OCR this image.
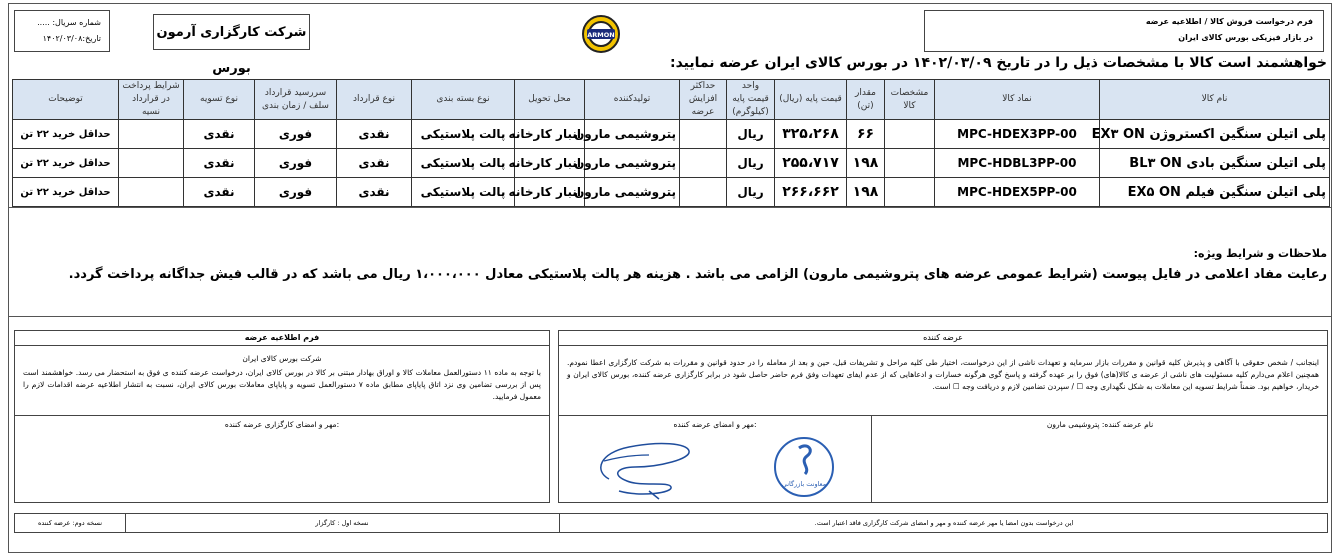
فرم درخواست فروش کالا / اطلاعیه عرضه
در بازار فیزیکی بورس کالای ایران
ARMON
شرکت کارگزاری آرمون بورس
شماره سریال: .....
تاریخ:۱۴۰۲/۰۳/۰۸
خواهشمند است کالا با مشخصات ذیل را در تاریخ ۱۴۰۲/۰۳/۰۹ در بورس کالای ایران عرضه نمایید:
نام کالا	نماد کالا	مشخصات کالا	مقدار (تن)	قیمت پایه (ریال)	واحد قیمت پایه (کیلوگرم)	حداکثر افزایش عرضه	تولیدکننده	محل تحویل	نوع بسته بندی	نوع قرارداد	سررسید قرارداد سلف / زمان بندی	نوع تسویه	شرایط پرداخت در قرارداد نسیه	توضیحات
پلی اتیلن سنگین اکستروژن EX۳ ON	MPC-HDEX3PP-00		۶۶	۳۲۵،۲۶۸	ریال		پتروشیمی مارون	انبار کارخانه	پالت پلاستیکی	نقدی	فوری	نقدی		حداقل خرید ۲۲ تن
پلی اتیلن سنگین بادی BL۳ ON	MPC-HDBL3PP-00		۱۹۸	۲۵۵،۷۱۷	ریال		پتروشیمی مارون	انبار کارخانه	پالت پلاستیکی	نقدی	فوری	نقدی		حداقل خرید ۲۲ تن
پلی اتیلن سنگین فیلم EX۵ ON	MPC-HDEX5PP-00		۱۹۸	۲۶۶،۶۶۲	ریال		پتروشیمی مارون	انبار کارخانه	پالت پلاستیکی	نقدی	فوری	نقدی		حداقل خرید ۲۲ تن
ملاحظات و شرایط ویژه:
رعایت مفاد اعلامی در فایل پیوست (شرایط عمومی عرضه های پتروشیمی مارون) الزامی می باشد . هزینه هر پالت پلاستیکی معادل ۱،۰۰۰،۰۰۰ ریال می باشد که در قالب فیش جداگانه پرداخت گردد.
عرضه کننده
اینجانب / شخص حقوقی با آگاهی و پذیرش کلیه قوانین و مقررات بازار سرمایه و تعهدات ناشی از این درخواست، اختیار طی کلیه مراحل و تشریفات قبل، حین و بعد از معامله را در حدود قوانین و مقررات به شرکت کارگزاری اعطا نمودم. همچنین اعلام می‌دارم کلیه مسئولیت های ناشی از عرضه ی کالا(های) فوق را بر عهده گرفته و پاسخ گوی هرگونه خسارات و ادعاهایی که از عدم ایفای تعهدات وفق فرم حاضر حاصل شود در برابر کارگزاری عرضه کننده، بورس کالای ایران و خریدار، خواهیم بود. ضمناً شرایط تسویه این معاملات به شکل نگهداری وجه ☐ / سپردن تضامین لازم و دریافت وجه ☐ است.
نام عرضه کننده: پتروشیمی مارون
مهر و امضای عرضه کننده:
معاونت بازرگانی
فرم اطلاعیه عرضه
شرکت بورس کالای ایران
با توجه به ماده ۱۱ دستورالعمل معاملات کالا و اوراق بهادار مبتنی بر کالا در بورس کالای ایران، درخواست عرضه کننده ی فوق به استحضار می رسد. خواهشمند است پس از بررسی تضامین وی نزد اتاق پایاپای مطابق ماده ۷ دستورالعمل تسویه و پایاپای معاملات بورس کالای ایران، نسبت به انتشار اطلاعیه عرضه اقدامات لازم را معمول فرمایید.
مهر و امضای کارگزاری عرضه کننده:
این درخواست بدون امضا یا مهر عرضه کننده و مهر و امضای شرکت کارگزاری فاقد اعتبار است.
نسخه اول : کارگزار
نسخه دوم: عرضه کننده
